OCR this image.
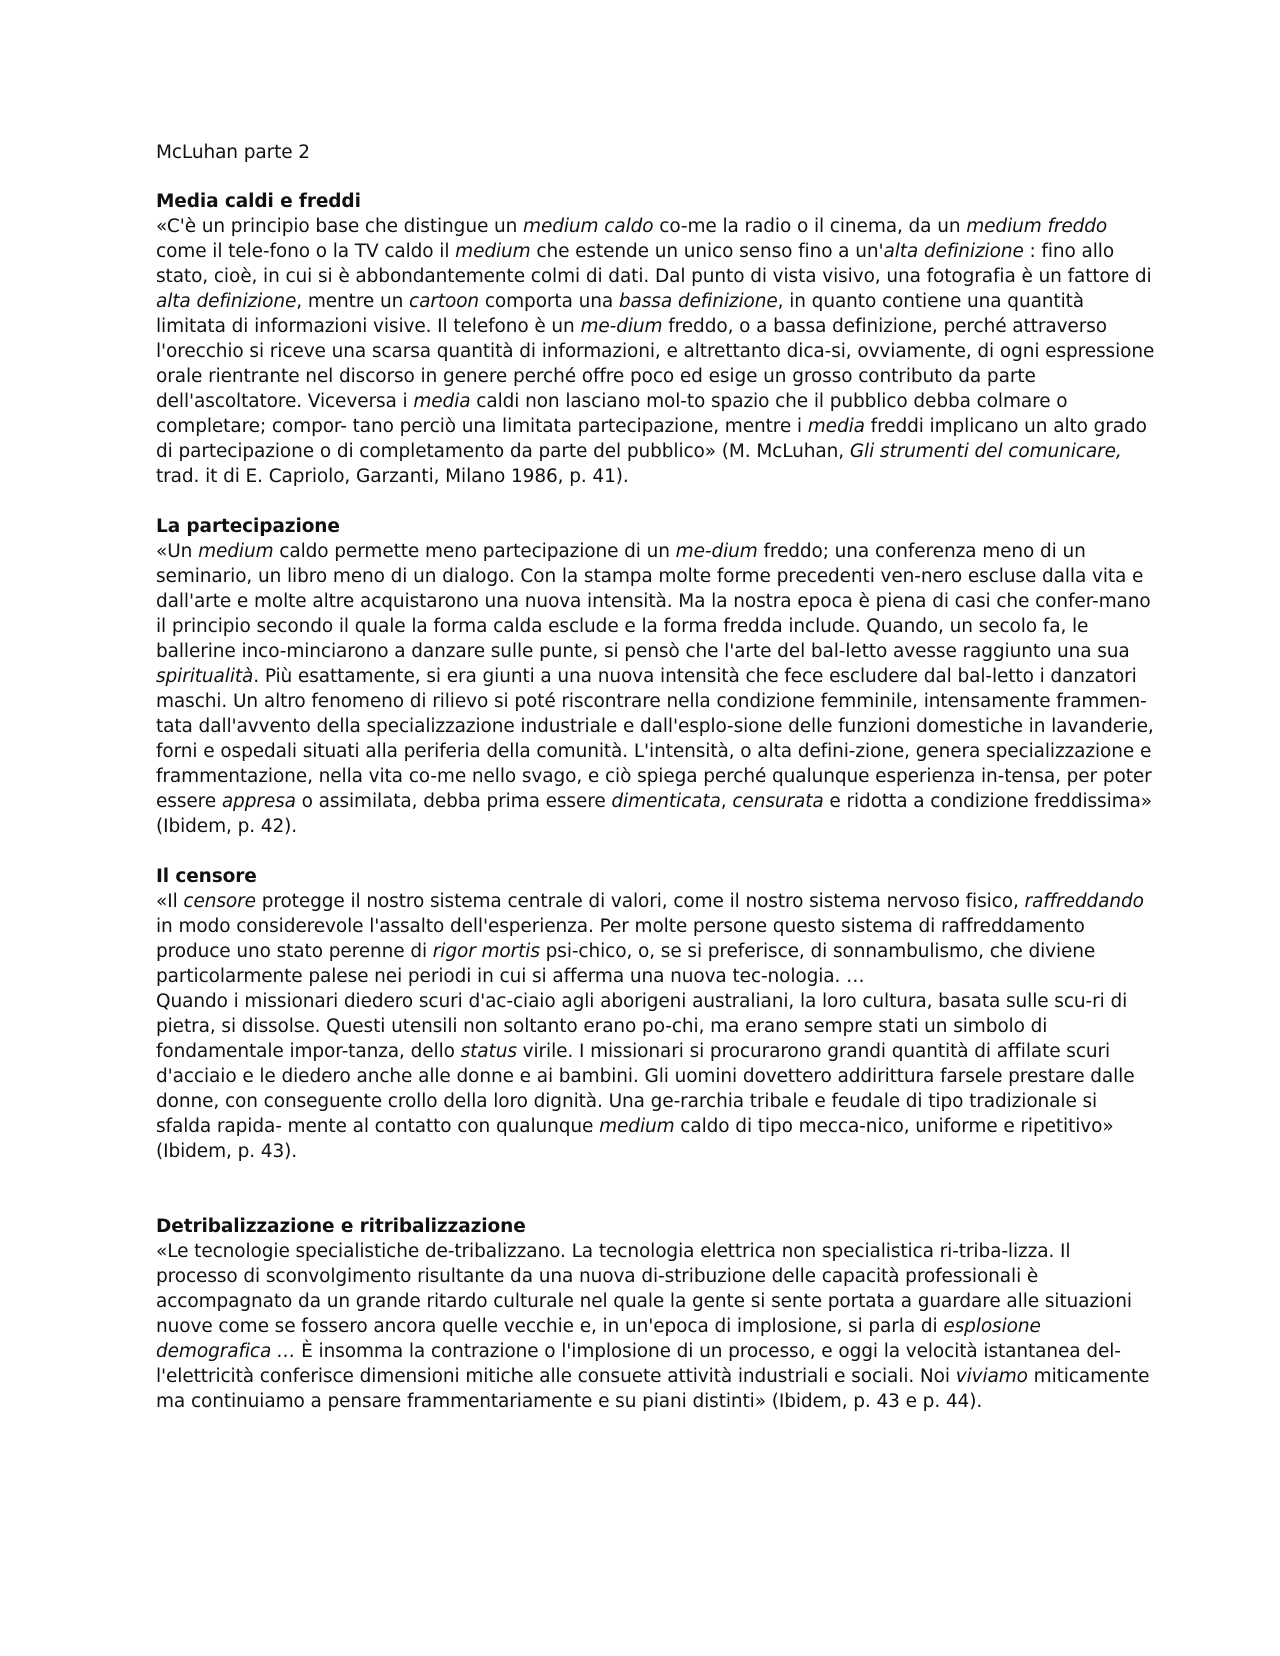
McLuhan parte 2
Media caldi e freddi

«C'è un principio base che distingue un medium caldo co-me la radio o il cinema, da un medium freddo come il tele-fono o la TV caldo il medium che estende un unico senso fino a un'alta definizione : fino allo stato, cioè, in cui si è abbondantemente colmi di dati. Dal punto di vista visivo, una fotografia è un fattore di alta definizione, mentre un cartoon comporta una bassa definizione, in quanto contiene una quantità limitata di informazioni visive. Il telefono è un me-dium freddo, o a bassa definizione, perché attraverso l'orecchio si riceve una scarsa quantità di informazioni, e altrettanto dica-si, ovviamente, di ogni espressione orale rientrante nel discorso in genere perché offre poco ed esige un grosso contributo da parte dell'ascoltatore. Viceversa i media caldi non lasciano mol-to spazio che il pubblico debba colmare o completare; compor- tano perciò una limitata partecipazione, mentre i media freddi implicano un alto grado di partecipazione o di completamento da parte del pubblico» (M. McLuhan, Gli strumenti del comunicare, trad. it di E. Capriolo, Garzanti, Milano 1986, p. 41).

La partecipazione

«Un medium caldo permette meno partecipazione di un me-dium freddo; una conferenza meno di un seminario, un libro meno di un dialogo. Con la stampa molte forme precedenti ven-nero escluse dalla vita e dall'arte e molte altre acquistarono una nuova intensità. Ma la nostra epoca è piena di casi che confer-mano il principio secondo il quale la forma calda esclude e la forma fredda include. Quando, un secolo fa, le ballerine inco-minciarono a danzare sulle punte, si pensò che l'arte del bal-letto avesse raggiunto una sua spiritualità. Più esattamente, si era giunti a una nuova intensità che fece escludere dal bal-letto i danzatori maschi. Un altro fenomeno di rilievo si poté riscontrare nella condizione femminile, intensamente frammen-tata dall'avvento della specializzazione industriale e dall'esplo-sione delle funzioni domestiche in lavanderie, forni e ospedali situati alla periferia della comunità. L'intensità, o alta defini-zione, genera specializzazione e frammentazione, nella vita co-me nello svago, e ciò spiega perché qualunque esperienza in-tensa, per poter essere appresa o assimilata, debba prima essere dimenticata, censurata e ridotta a condizione freddissima» (Ibidem, p. 42).

Il censore

«Il censore protegge il nostro sistema centrale di valori, come il nostro sistema nervoso fisico, raffreddando in modo considerevole l'assalto dell'esperienza. Per molte persone questo sistema di raffreddamento produce uno stato perenne di rigor mortis psi-chico, o, se si preferisce, di sonnambulismo, che diviene particolarmente palese nei periodi in cui si afferma una nuova tec-nologia. …

Quando i missionari diedero scuri d'ac-ciaio agli aborigeni australiani, la loro cultura, basata sulle scu-ri di pietra, si dissolse. Questi utensili non soltanto erano po-chi, ma erano sempre stati un simbolo di fondamentale impor-tanza, dello status virile. I missionari si procurarono grandi quantità di affilate scuri d'acciaio e le diedero anche alle donne e ai bambini. Gli uomini dovettero addirittura farsele prestare dalle donne, con conseguente crollo della loro dignità. Una ge-rarchia tribale e feudale di tipo tradizionale si sfalda rapida- mente al contatto con qualunque medium caldo di tipo mecca-nico, uniforme e ripetitivo» (Ibidem, p. 43).

Detribalizzazione e ritribalizzazione

«Le tecnologie specialistiche de-tribalizzano. La tecnologia elettrica non specialistica ri-triba-lizza. Il processo di sconvolgimento risultante da una nuova di-stribuzione delle capacità professionali è accompagnato da un grande ritardo culturale nel quale la gente si sente portata a guardare alle situazioni nuove come se fossero ancora quelle vecchie e, in un'epoca di implosione, si parla di esplosione demografica … È insomma la contrazione o l'implosione di un processo, e oggi la velocità istantanea del-l'elettricità conferisce dimensioni mitiche alle consuete attività industriali e sociali. Noi viviamo miticamente ma continuiamo a pensare frammentariamente e su piani distinti» (Ibidem, p. 43 e p. 44).
